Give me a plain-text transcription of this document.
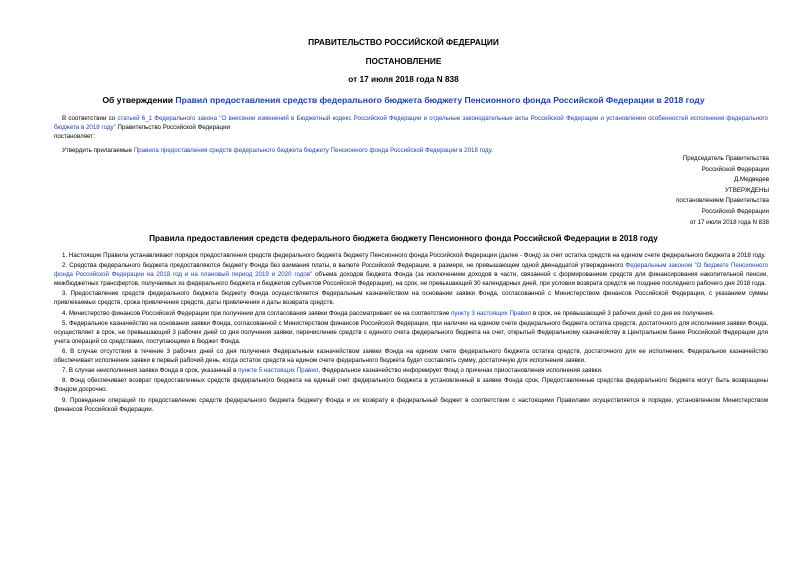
ПРАВИТЕЛЬСТВО РОССИЙСКОЙ ФЕДЕРАЦИИ
ПОСТАНОВЛЕНИЕ
от 17 июля 2018 года N 838
Об утверждении Правил предоставления средств федерального бюджета бюджету Пенсионного фонда Российской Федерации в 2018 году

В соответствии со статьей 6_1 Федерального закона "О внесении изменений в Бюджетный кодекс Российской Федерации и отдельные законодательные акты Российской Федерации и установлении особенностей исполнения федерального бюджета в 2018 году" Правительство Российской Федерации

постановляет:

Утвердить прилагаемые Правила предоставления средств федерального бюджета бюджету Пенсионного фонда Российской Федерации в 2018 году.

Председатель Правительства
Российской Федерации
Д.Медведев
УТВЕРЖДЕНЫ
постановлением Правительства
Российской Федерации
от 17 июля 2018 года N 838
Правила предоставления средств федерального бюджета бюджету Пенсионного фонда Российской Федерации в 2018 году

1. Настоящие Правила устанавливают порядок предоставления средств федерального бюджета бюджету Пенсионного фонда Российской Федерации (далее - Фонд) за счет остатка средств на едином счете федерального бюджета в 2018 году.

2. Средства федерального бюджета предоставляются бюджету Фонда без взимания платы, в валюте Российской Федерации, в размере, не превышающем одной двенадцатой утвержденного Федеральным законом "О бюджете Пенсионного фонда Российской Федерации на 2018 год и на плановый период 2019 и 2020 годов" объема доходов бюджета Фонда (за исключением доходов в части, связанной с формированием средств для финансирования накопительной пенсии, межбюджетных трансфертов, получаемых из федерального бюджета и бюджетов субъектов Российской Федерации), на срок, не превышающий 30 календарных дней, при условии возврата средств не позднее последнего рабочего дня 2018 года.

3. Предоставление средств федерального бюджета бюджету Фонда осуществляется Федеральным казначейством на основании заявки Фонда, согласованной с Министерством финансов Российской Федерации, с указанием суммы привлекаемых средств, срока привлечения средств, даты привлечения и даты возврата средств.

4. Министерство финансов Российской Федерации при получении для согласования заявки Фонда рассматривает ее на соответствие пункту 3 настоящих Правил в срок, не превышающий 3 рабочих дней со дня ее получения.

5. Федеральное казначейство на основании заявки Фонда, согласованной с Министерством финансов Российской Федерации, при наличии на едином счете федерального бюджета остатка средств, достаточного для исполнения заявки Фонда, осуществляет в срок, не превышающий 3 рабочих дней со дня получения заявки, перечисление средств с единого счета федерального бюджета на счет, открытый Федеральному казначейству в Центральном банке Российской Федерации для учета операций со средствами, поступающими в бюджет Фонда.

6. В случае отсутствия в течение 3 рабочих дней со дня получения Федеральным казначейством заявки Фонда на едином счете федерального бюджета остатка средств, достаточного для ее исполнения, Федеральное казначейство обеспечивает исполнение заявки в первый рабочий день, когда остаток средств на едином счете федерального бюджета будет составлять сумму, достаточную для исполнения заявки.

7. В случае неисполнения заявки Фонда в срок, указанный в пункте 5 настоящих Правил, Федеральное казначейство информирует Фонд о причинах приостановления исполнения заявки.

8. Фонд обеспечивает возврат предоставленных средств федерального бюджета на единый счет федерального бюджета в установленный в заявке Фонда срок. Предоставленные средства федерального бюджета могут быть возвращены Фондом досрочно.

9. Проведение операций по предоставлению средств федерального бюджета бюджету Фонда и их возврату в федеральный бюджет в соответствии с настоящими Правилами осуществляется в порядке, установленном Министерством финансов Российской Федерации.
